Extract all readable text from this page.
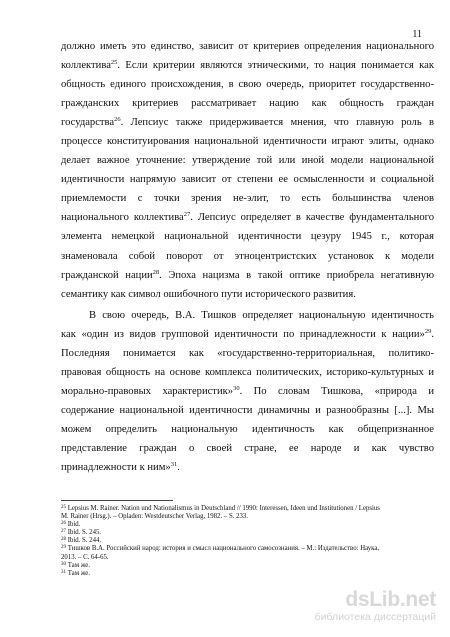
11
должно иметь это единство, зависит от критериев определения национального
коллектива$^{25}$. Если критерии являются этническими, то нация понимается как
общность единого происхождения, в свою очередь, приоритет государственно-
гражданских критериев рассматривает нацию как общность граждан
государства$^{26}$. Лепсиус также придерживается мнения, что главную роль в
процессе конституирования национальной идентичности играют элиты, однако
делает важное уточнение: утверждение той или иной модели национальной
идентичности напрямую зависит от степени ее осмысленности и социальной
приемлемости с точки зрения не-элит, то есть большинства членов
национального коллектива$^{27}$. Лепсиус определяет в качестве фундаментального
элемента немецкой национальной идентичности цезуру 1945 г., которая
знаменовала собой поворот от этноцентристских установок к модели
гражданской нации$^{28}$. Эпоха нацизма в такой оптике приобрела негативную
семантику как символ ошибочного пути исторического развития.
В свою очередь, В.А. Тишков определяет национальную идентичность
как «один из видов групповой идентичности по принадлежности к нации»$^{29}$.
Последняя понимается как «государственно-территориальная, политико-
правовая общность на основе комплекса политических, историко-культурных и
морально-правовых характеристик»$^{30}$. По словам Тишкова, «природа и
содержание национальной идентичности динамичны и разнообразны [...]. Мы
можем определить национальную идентичность как общепризнанное
представление граждан о своей стране, ее народе и как чувство
принадлежности к ним»$^{31}$.
$^{25}$ Lepsius M. Rainer. Nation und Nationalismus in Deutschland // 1990: Interessen, Ideen und Institutionen / Lepsius
M. Rainer (Hrsg.). – Opladen: Westdeutscher Verlag, 1982. – S. 233.
$^{26}$ Ibid.
$^{27}$ Ibid. S. 245.
$^{28}$ Ibid. S. 244.
$^{29}$ Тишков В.А. Российский народ: история и смысл национального самосознания. – М.: Издательство: Наука,
2013. – С. 64-65.
$^{30}$ Там же.
$^{31}$ Там же.
dsLib.net
библиотека диссертаций
